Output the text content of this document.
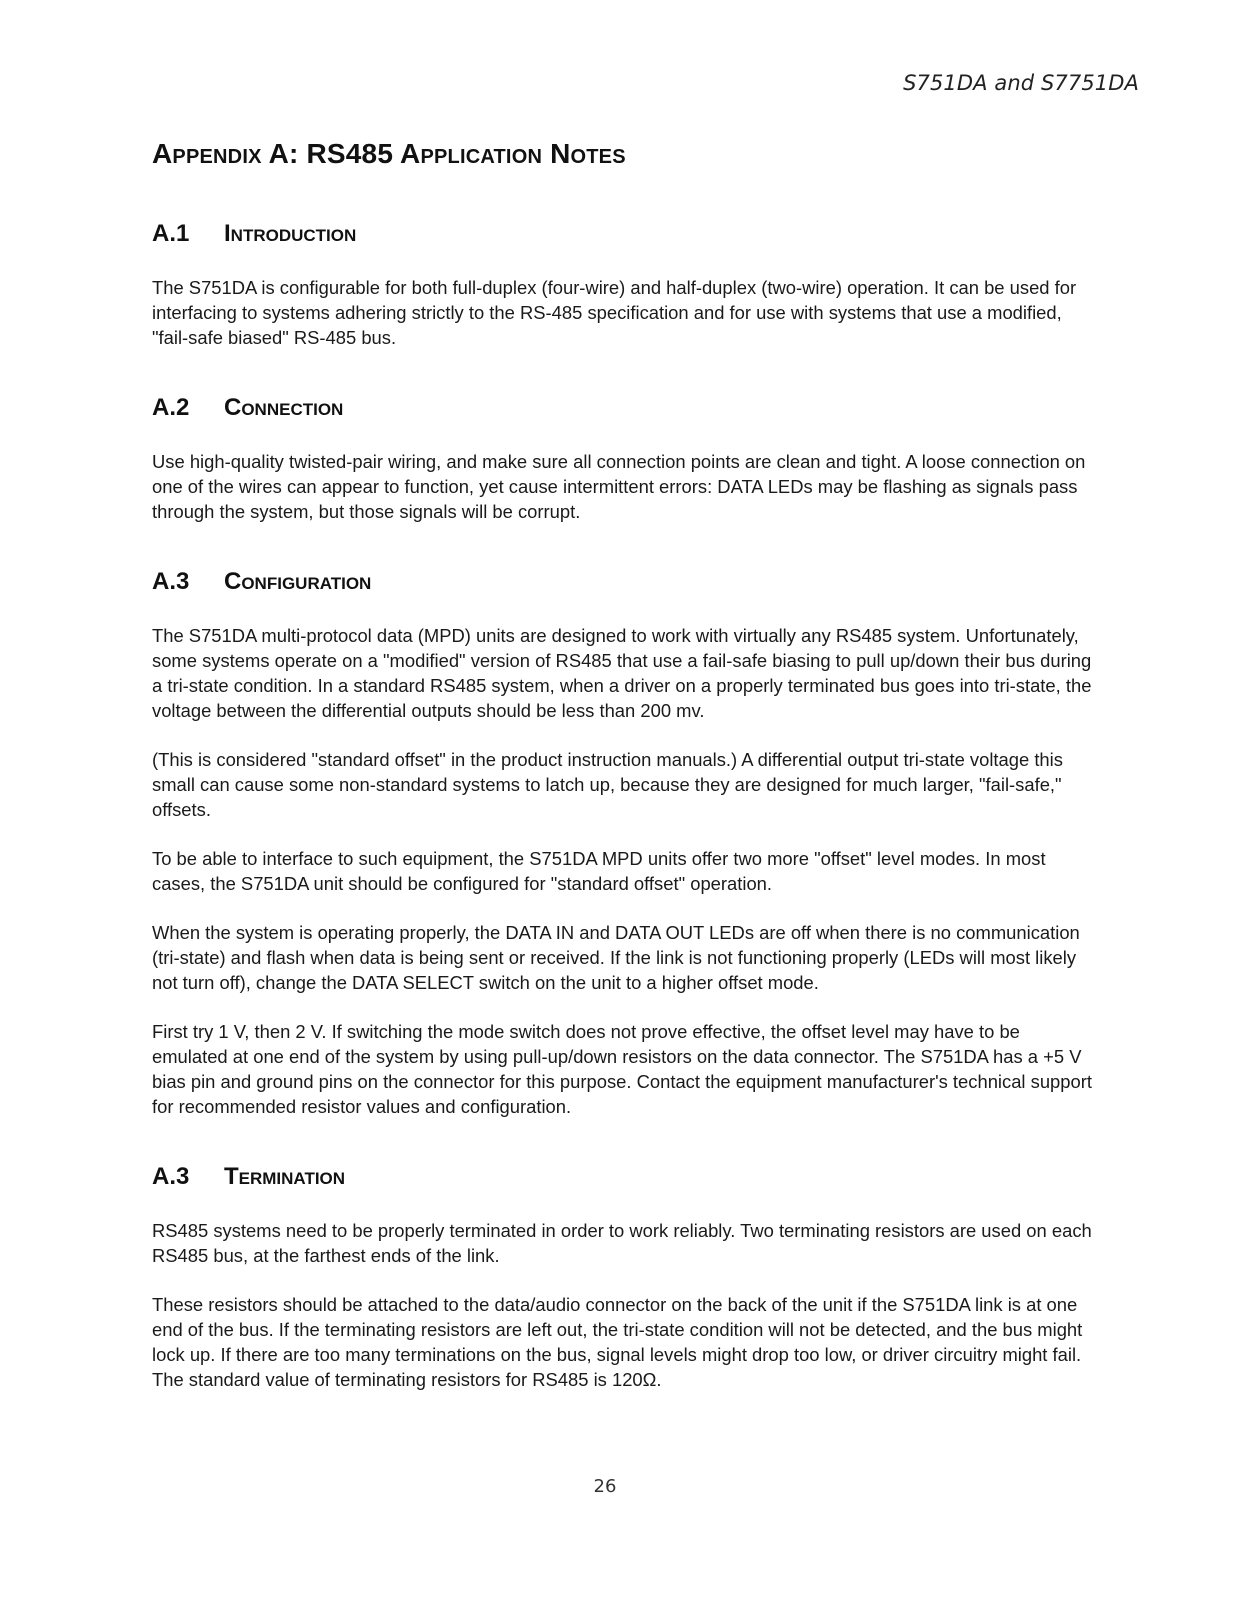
S751DA and S7751DA
Appendix A: RS485 Application Notes
A.1	Introduction

The S751DA is configurable for both full-duplex (four-wire) and half-duplex (two-wire) operation. It can be used for interfacing to systems adhering strictly to the RS-485 specification and for use with systems that use a modified, "fail-safe biased" RS-485 bus.

A.2	Connection

Use high-quality twisted-pair wiring, and make sure all connection points are clean and tight. A loose connection on one of the wires can appear to function, yet cause intermittent errors: DATA LEDs may be flashing as signals pass through the system, but those signals will be corrupt.

A.3	Configuration

The S751DA multi-protocol data (MPD) units are designed to work with virtually any RS485 system. Unfortunately, some systems operate on a "modified" version of RS485 that use a fail-safe biasing to pull up/down their bus during a tri-state condition. In a standard RS485 system, when a driver on a properly terminated bus goes into tri-state, the voltage between the differential outputs should be less than 200 mv.

(This is considered "standard offset" in the product instruction manuals.) A differential output tri-state voltage this small can cause some non-standard systems to latch up, because they are designed for much larger, "fail-safe," offsets.

To be able to interface to such equipment, the S751DA MPD units offer two more "offset" level modes. In most cases, the S751DA unit should be configured for "standard offset" operation.

When the system is operating properly, the DATA IN and DATA OUT LEDs are off when there is no communication (tri-state) and flash when data is being sent or received. If the link is not functioning properly (LEDs will most likely not turn off), change the DATA SELECT switch on the unit to a higher offset mode.

First try 1 V, then 2 V. If switching the mode switch does not prove effective, the offset level may have to be emulated at one end of the system by using pull-up/down resistors on the data connector. The S751DA has a +5 V bias pin and ground pins on the connector for this purpose. Contact the equipment manufacturer's technical support for recommended resistor values and configuration.

A.3	Termination

RS485 systems need to be properly terminated in order to work reliably. Two terminating resistors are used on each RS485 bus, at the farthest ends of the link.

These resistors should be attached to the data/audio connector on the back of the unit if the S751DA link is at one end of the bus. If the terminating resistors are left out, the tri-state condition will not be detected, and the bus might lock up. If there are too many terminations on the bus, signal levels might drop too low, or driver circuitry might fail. The standard value of terminating resistors for RS485 is 120Ω.

26
